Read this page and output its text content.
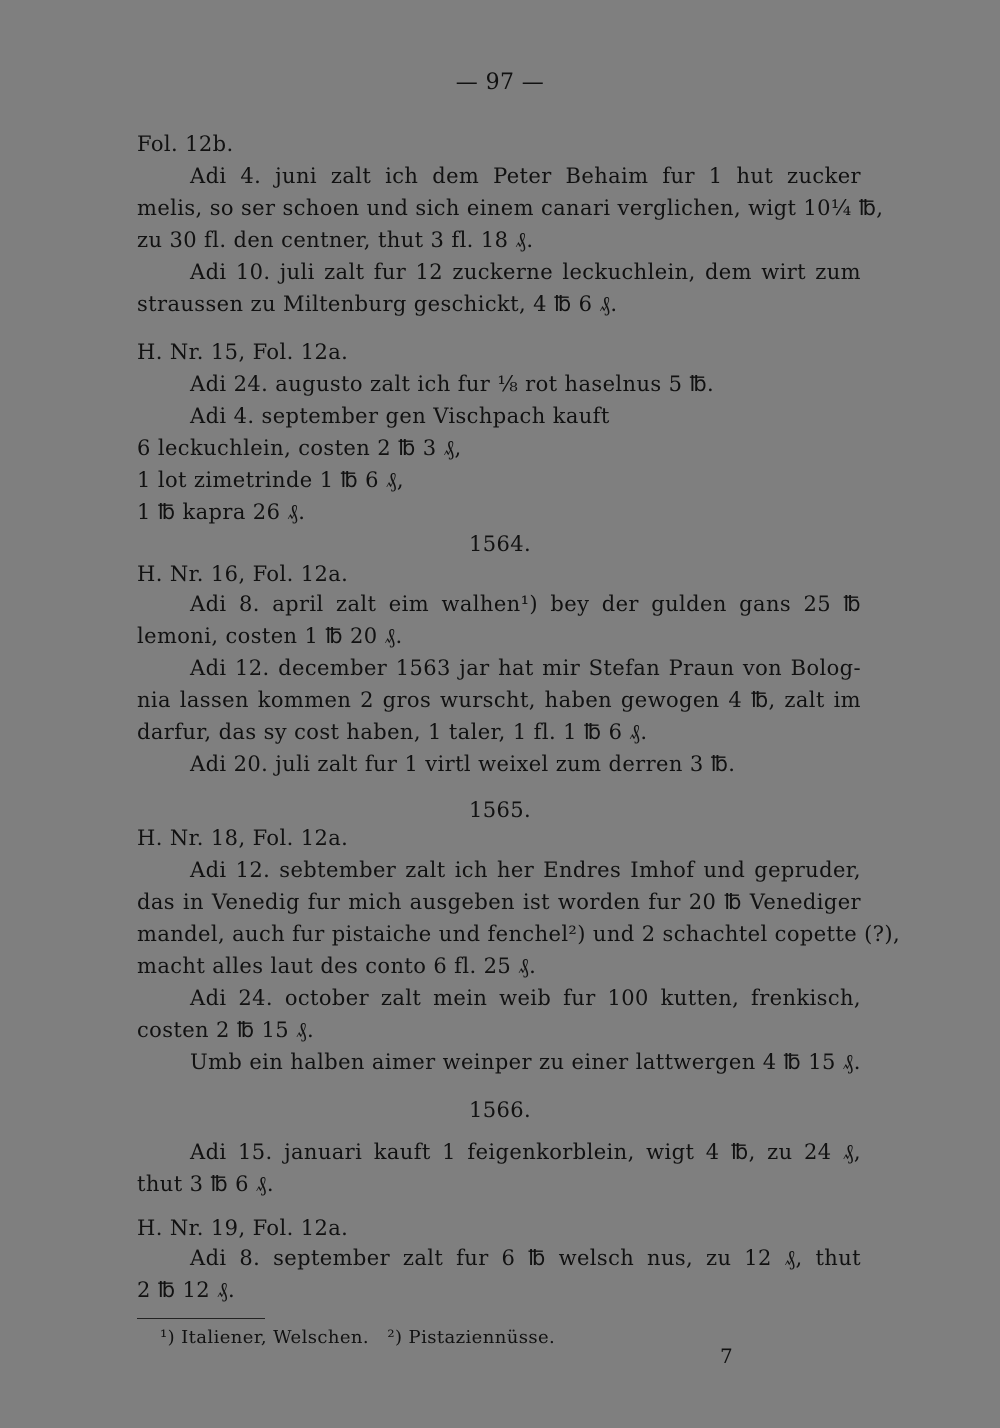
— 97 —
Fol. 12b.
Adi 4. juni zalt ich dem Peter Behaim fur 1 hut zucker
melis, so ser schoen und sich einem canari verglichen, wigt 10¼ ℔,
zu 30 fl. den centner, thut 3 fl. 18 ₰.
Adi 10. juli zalt fur 12 zuckerne leckuchlein, dem wirt zum
straussen zu Miltenburg geschickt, 4 ℔ 6 ₰.
H. Nr. 15, Fol. 12a.
Adi 24. augusto zalt ich fur ⅛ rot haselnus 5 ℔.
Adi 4. september gen Vischpach kauft
6 leckuchlein, costen 2 ℔ 3 ₰,
1 lot zimetrinde 1 ℔ 6 ₰,
1 ℔ kapra 26 ₰.
1564.
H. Nr. 16, Fol. 12a.
Adi 8. april zalt eim walhen¹) bey der gulden gans 25 ℔
lemoni, costen 1 ℔ 20 ₰.
Adi 12. december 1563 jar hat mir Stefan Praun von Bolog-
nia lassen kommen 2 gros wurscht, haben gewogen 4 ℔, zalt im
darfur, das sy cost haben, 1 taler, 1 fl. 1 ℔ 6 ₰.
Adi 20. juli zalt fur 1 virtl weixel zum derren 3 ℔.
1565.
H. Nr. 18, Fol. 12a.
Adi 12. sebtember zalt ich her Endres Imhof und gepruder,
das in Venedig fur mich ausgeben ist worden fur 20 ℔ Venediger
mandel, auch fur pistaiche und fenchel²) und 2 schachtel copette (?),
macht alles laut des conto 6 fl. 25 ₰.
Adi 24. october zalt mein weib fur 100 kutten, frenkisch,
costen 2 ℔ 15 ₰.
Umb ein halben aimer weinper zu einer lattwergen 4 ℔ 15 ₰.
1566.
Adi 15. januari kauft 1 feigenkorblein, wigt 4 ℔, zu 24 ₰,
thut 3 ℔ 6 ₰.
H. Nr. 19, Fol. 12a.
Adi 8. september zalt fur 6 ℔ welsch nus, zu 12 ₰, thut
2 ℔ 12 ₰.
¹) Italiener, Welschen.   ²) Pistaziennüsse.
7
